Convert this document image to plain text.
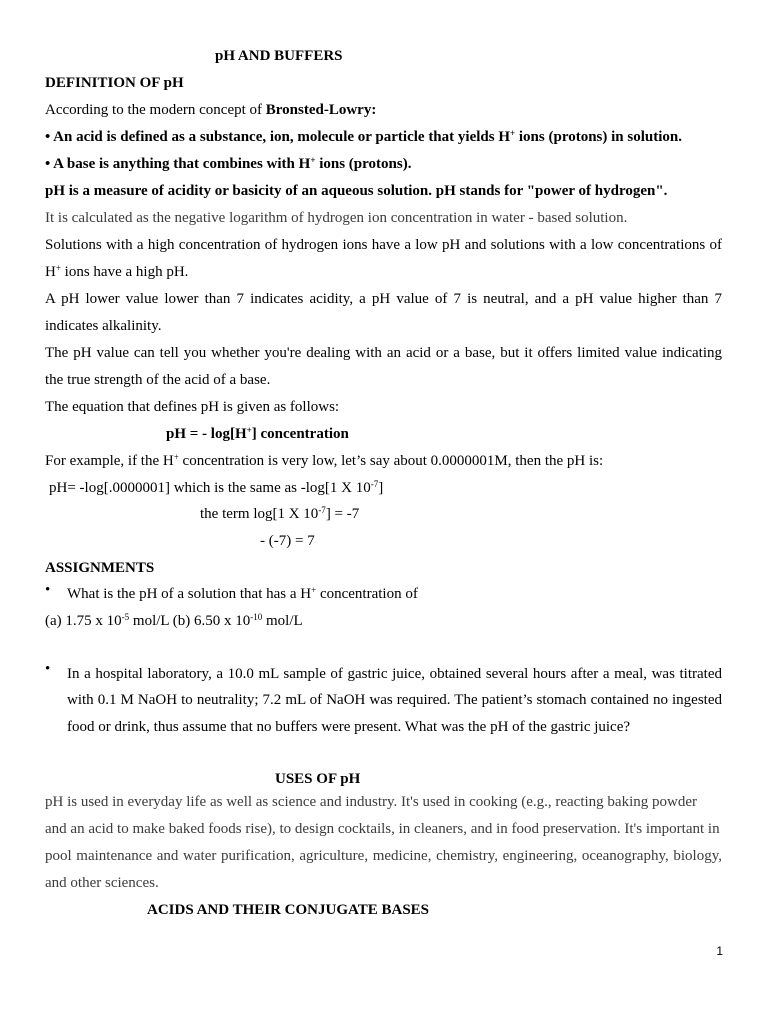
pH AND BUFFERS
DEFINITION OF pH
According to the modern concept of Bronsted-Lowry:
• An acid is defined as a substance, ion, molecule or particle that yields H+ ions (protons) in solution.
• A base is anything that combines with H+ ions (protons).
pH is a measure of acidity or basicity of an aqueous solution. pH stands for "power of hydrogen".
It is calculated as the negative logarithm of hydrogen ion concentration in water - based solution.
Solutions with a high concentration of hydrogen ions have a low pH and solutions with a low concentrations of
H+ ions have a high pH.
A pH lower value lower than 7 indicates acidity, a pH value of 7 is neutral, and a pH value higher than 7
indicates alkalinity.
The pH value can tell you whether you're dealing with an acid or a base, but it offers limited value indicating
the true strength of the acid of a base.
The equation that defines pH is given as follows:
pH = - log[H+] concentration
For example, if the H+ concentration is very low, let’s say about 0.0000001M, then the pH is:
pH= -log[.0000001] which is the same as -log[1 X $10^{-7}$]
the term log[1 X $10^{-7}] = -7$
- (-7) = 7
ASSIGNMENTS
• What is the pH of a solution that has a H+ concentration of
(a) 1.75 x $10^{-5}$ mol/L (b) 6.50 x $10^{-10}$ mol/L
• In a hospital laboratory, a 10.0 mL sample of gastric juice, obtained several hours after a meal, was titrated
with 0.1 M NaOH to neutrality; 7.2 mL of NaOH was required. The patient’s stomach contained no ingested
food or drink, thus assume that no buffers were present. What was the pH of the gastric juice?
USES OF pH
pH is used in everyday life as well as science and industry. It's used in cooking (e.g., reacting baking powder
and an acid to make baked foods rise), to design cocktails, in cleaners, and in food preservation. It's important in
pool maintenance and water purification, agriculture, medicine, chemistry, engineering, oceanography, biology,
and other sciences.
ACIDS AND THEIR CONJUGATE BASES
1
